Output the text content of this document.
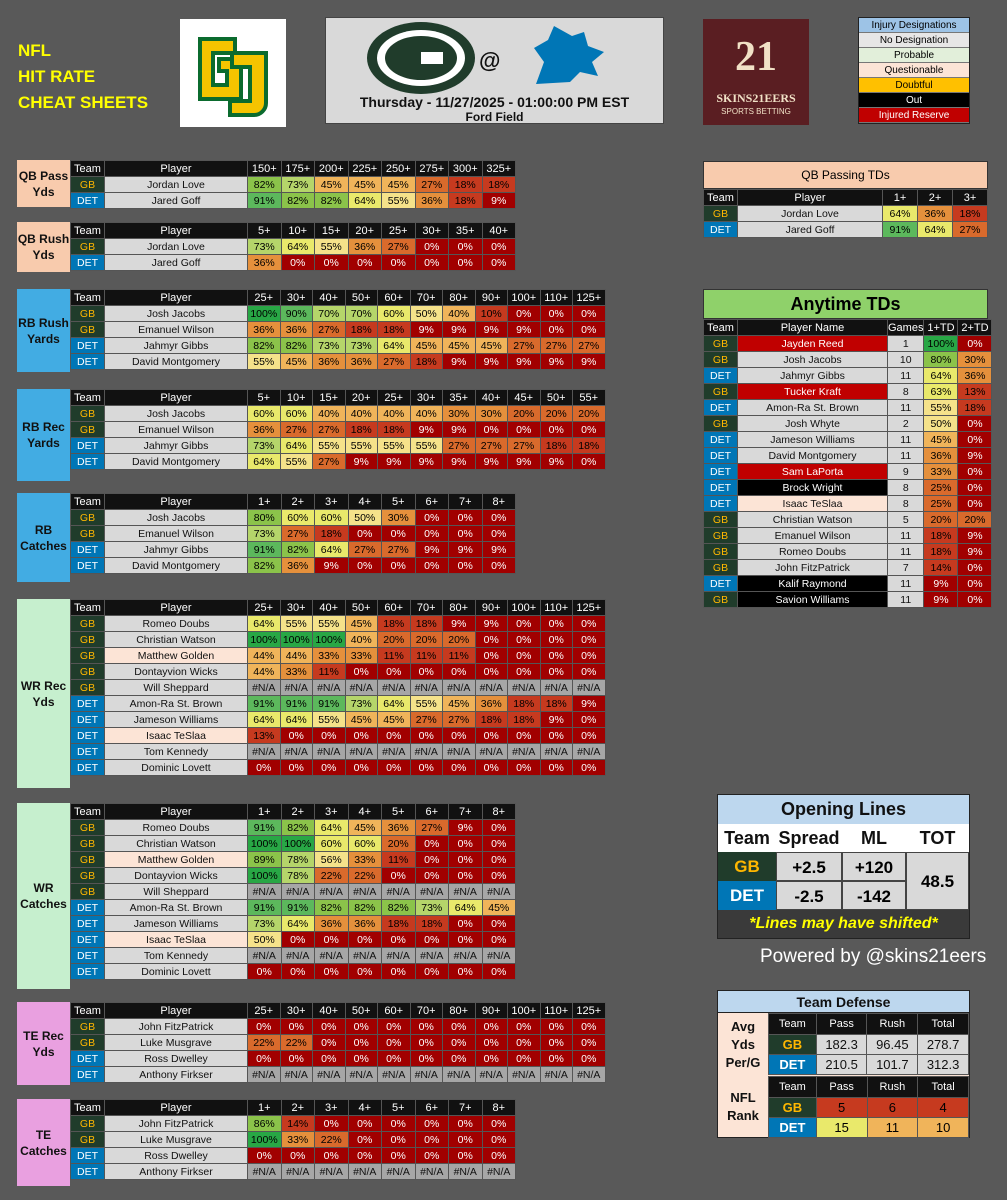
NFL
HIT RATE
CHEAT SHEETS
@
Thursday - 11/27/2025 - 01:00:00 PM EST
Ford Field
21
SKINS21EERS
SPORTS BETTING
Injury Designations
No Designation
Probable
Questionable
Doubtful
Out
Injured Reserve
QB Pass Yds
QB Rush Yds
RB Rush Yards
RB Rec Yards
RB Catches
WR Rec Yds
WR Catches
TE Rec Yds
TE Catches
Team	Player	150+	175+	200+	225+	250+	275+	300+	325+
GB	Jordan Love	82%	73%	45%	45%	45%	27%	18%	18%
DET	Jared Goff	91%	82%	82%	64%	55%	36%	18%	9%
Team	Player	5+	10+	15+	20+	25+	30+	35+	40+
GB	Jordan Love	73%	64%	55%	36%	27%	0%	0%	0%
DET	Jared Goff	36%	0%	0%	0%	0%	0%	0%	0%
Team	Player	25+	30+	40+	50+	60+	70+	80+	90+	100+	110+	125+
GB	Josh Jacobs	100%	90%	70%	70%	60%	50%	40%	10%	0%	0%	0%
GB	Emanuel Wilson	36%	36%	27%	18%	18%	9%	9%	9%	9%	0%	0%
DET	Jahmyr Gibbs	82%	82%	73%	73%	64%	45%	45%	45%	27%	27%	27%
DET	David Montgomery	55%	45%	36%	36%	27%	18%	9%	9%	9%	9%	9%
Team	Player	5+	10+	15+	20+	25+	30+	35+	40+	45+	50+	55+
GB	Josh Jacobs	60%	60%	40%	40%	40%	40%	30%	30%	20%	20%	20%
GB	Emanuel Wilson	36%	27%	27%	18%	18%	9%	9%	0%	0%	0%	0%
DET	Jahmyr Gibbs	73%	64%	55%	55%	55%	55%	27%	27%	27%	18%	18%
DET	David Montgomery	64%	55%	27%	9%	9%	9%	9%	9%	9%	9%	0%
Team	Player	1+	2+	3+	4+	5+	6+	7+	8+
GB	Josh Jacobs	80%	60%	60%	50%	30%	0%	0%	0%
GB	Emanuel Wilson	73%	27%	18%	0%	0%	0%	0%	0%
DET	Jahmyr Gibbs	91%	82%	64%	27%	27%	9%	9%	9%
DET	David Montgomery	82%	36%	9%	0%	0%	0%	0%	0%
Team	Player	25+	30+	40+	50+	60+	70+	80+	90+	100+	110+	125+
GB	Romeo Doubs	64%	55%	55%	45%	18%	18%	9%	9%	0%	0%	0%
GB	Christian Watson	100%	100%	100%	40%	20%	20%	20%	0%	0%	0%	0%
GB	Matthew Golden	44%	44%	33%	33%	11%	11%	11%	0%	0%	0%	0%
GB	Dontayvion Wicks	44%	33%	11%	0%	0%	0%	0%	0%	0%	0%	0%
GB	Will Sheppard	#N/A	#N/A	#N/A	#N/A	#N/A	#N/A	#N/A	#N/A	#N/A	#N/A	#N/A
DET	Amon-Ra St. Brown	91%	91%	91%	73%	64%	55%	45%	36%	18%	18%	9%
DET	Jameson Williams	64%	64%	55%	45%	45%	27%	27%	18%	18%	9%	0%
DET	Isaac TeSlaa	13%	0%	0%	0%	0%	0%	0%	0%	0%	0%	0%
DET	Tom Kennedy	#N/A	#N/A	#N/A	#N/A	#N/A	#N/A	#N/A	#N/A	#N/A	#N/A	#N/A
DET	Dominic Lovett	0%	0%	0%	0%	0%	0%	0%	0%	0%	0%	0%
Team	Player	1+	2+	3+	4+	5+	6+	7+	8+
GB	Romeo Doubs	91%	82%	64%	45%	36%	27%	9%	0%
GB	Christian Watson	100%	100%	60%	60%	20%	0%	0%	0%
GB	Matthew Golden	89%	78%	56%	33%	11%	0%	0%	0%
GB	Dontayvion Wicks	100%	78%	22%	22%	0%	0%	0%	0%
GB	Will Sheppard	#N/A	#N/A	#N/A	#N/A	#N/A	#N/A	#N/A	#N/A
DET	Amon-Ra St. Brown	91%	91%	82%	82%	82%	73%	64%	45%
DET	Jameson Williams	73%	64%	36%	36%	18%	18%	0%	0%
DET	Isaac TeSlaa	50%	0%	0%	0%	0%	0%	0%	0%
DET	Tom Kennedy	#N/A	#N/A	#N/A	#N/A	#N/A	#N/A	#N/A	#N/A
DET	Dominic Lovett	0%	0%	0%	0%	0%	0%	0%	0%
Team	Player	25+	30+	40+	50+	60+	70+	80+	90+	100+	110+	125+
GB	John FitzPatrick	0%	0%	0%	0%	0%	0%	0%	0%	0%	0%	0%
GB	Luke Musgrave	22%	22%	0%	0%	0%	0%	0%	0%	0%	0%	0%
DET	Ross Dwelley	0%	0%	0%	0%	0%	0%	0%	0%	0%	0%	0%
DET	Anthony Firkser	#N/A	#N/A	#N/A	#N/A	#N/A	#N/A	#N/A	#N/A	#N/A	#N/A	#N/A
Team	Player	1+	2+	3+	4+	5+	6+	7+	8+
GB	John FitzPatrick	86%	14%	0%	0%	0%	0%	0%	0%
GB	Luke Musgrave	100%	33%	22%	0%	0%	0%	0%	0%
DET	Ross Dwelley	0%	0%	0%	0%	0%	0%	0%	0%
DET	Anthony Firkser	#N/A	#N/A	#N/A	#N/A	#N/A	#N/A	#N/A	#N/A
QB Passing TDs
Team	Player	1+	2+	3+
GB	Jordan Love	64%	36%	18%
DET	Jared Goff	91%	64%	27%
Anytime TDs
Team	Player Name	Games	1+TD	2+TD
GB	Jayden Reed	1	100%	0%
GB	Josh Jacobs	10	80%	30%
DET	Jahmyr Gibbs	11	64%	36%
GB	Tucker Kraft	8	63%	13%
DET	Amon-Ra St. Brown	11	55%	18%
GB	Josh Whyte	2	50%	0%
DET	Jameson Williams	11	45%	0%
DET	David Montgomery	11	36%	9%
DET	Sam LaPorta	9	33%	0%
DET	Brock Wright	8	25%	0%
DET	Isaac TeSlaa	8	25%	0%
GB	Christian Watson	5	20%	20%
GB	Emanuel Wilson	11	18%	9%
GB	Romeo Doubs	11	18%	9%
GB	John FitzPatrick	7	14%	0%
DET	Kalif Raymond	11	9%	0%
GB	Savion Williams	11	9%	0%
Opening Lines
Team Spread	ML	TOT
GB	+2.5	+120
DET	-2.5	-142
48.5
*Lines may have shifted*
Powered by @skins21eers
Team Defense
Avg Yds Per/G
NFL Rank
Team	Pass	Rush	Total
GB	182.3	96.45	278.7
DET	210.5	101.7	312.3
Team	Pass	Rush	Total
GB	5	6	4
DET	15	11	10
